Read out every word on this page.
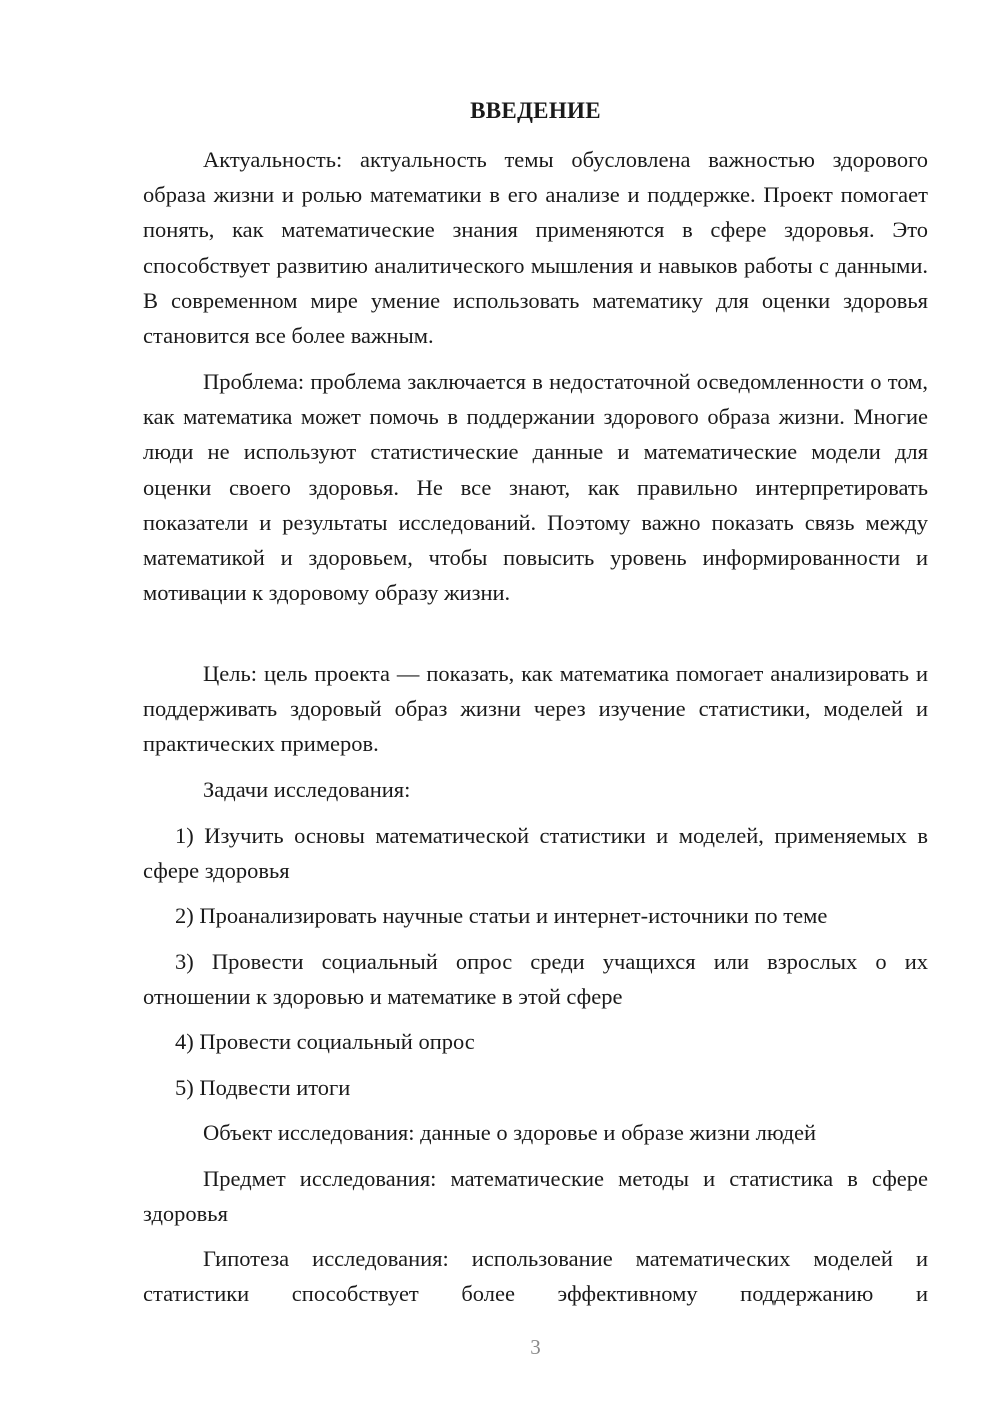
ВВЕДЕНИЕ

Актуальность: актуальность темы обусловлена важностью здорового образа жизни и ролью математики в его анализе и поддержке. Проект помогает понять, как математические знания применяются в сфере здоровья. Это способствует развитию аналитического мышления и навыков работы с данными. В современном мире умение использовать математику для оценки здоровья становится все более важным.

Проблема: проблема заключается в недостаточной осведомленности о том, как математика может помочь в поддержании здорового образа жизни. Многие люди не используют статистические данные и математические модели для оценки своего здоровья. Не все знают, как правильно интерпретировать показатели и результаты исследований. Поэтому важно показать связь между математикой и здоровьем, чтобы повысить уровень информированности и мотивации к здоровому образу жизни.

Цель: цель проекта — показать, как математика помогает анализировать и поддерживать здоровый образ жизни через изучение статистики, моделей и практических примеров.

Задачи исследования:

1) Изучить основы математической статистики и моделей, применяемых в сфере здоровья

2) Проанализировать научные статьи и интернет-источники по теме

3) Провести социальный опрос среди учащихся или взрослых о их отношении к здоровью и математике в этой сфере

4) Провести социальный опрос

5) Подвести итоги

Объект исследования: данные о здоровье и образе жизни людей

Предмет исследования: математические методы и статистика в сфере здоровья

Гипотеза исследования: использование математических моделей и статистики способствует более эффективному поддержанию и

3
